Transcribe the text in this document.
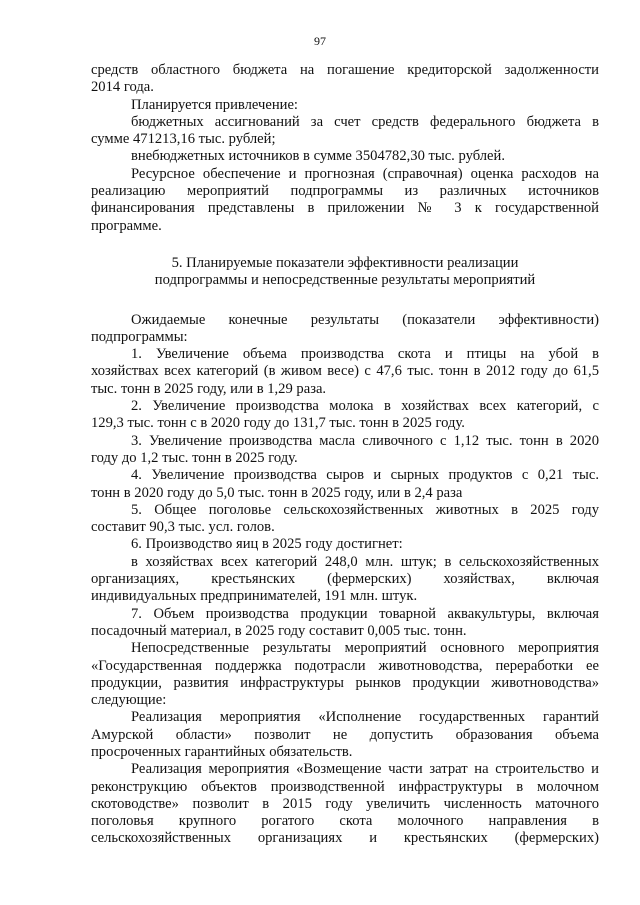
97

средств областного бюджета на погашение кредиторской задолженности

2014 года.

Планируется привлечение:

бюджетных ассигнований за счет средств федерального бюджета в

сумме 471213,16 тыс. рублей;

внебюджетных источников в сумме 3504782,30 тыс. рублей.

Ресурсное обеспечение и прогнозная (справочная) оценка расходов на

реализацию мероприятий подпрограммы из различных источников

финансирования представлены в приложении № 3 к государственной

программе.

5. Планируемые показатели эффективности реализации

подпрограммы и непосредственные результаты мероприятий

Ожидаемые конечные результаты (показатели эффективности)

подпрограммы:

1. Увеличение объема производства скота и птицы на убой в

хозяйствах всех категорий (в живом весе) с 47,6 тыс. тонн в 2012 году до 61,5

тыс. тонн в 2025 году, или в 1,29 раза.

2. Увеличение производства молока в хозяйствах всех категорий, с

129,3 тыс. тонн с в 2020 году до 131,7 тыс. тонн в 2025 году.

3. Увеличение производства масла сливочного с 1,12 тыс. тонн в 2020

году до 1,2 тыс. тонн в 2025 году.

4. Увеличение производства сыров и сырных продуктов с 0,21 тыс.

тонн в 2020 году до 5,0 тыс. тонн в 2025 году, или в 2,4 раза

5. Общее поголовье сельскохозяйственных животных в 2025 году

составит 90,3 тыс. усл. голов.

6. Производство яиц в 2025 году достигнет:

в хозяйствах всех категорий 248,0 млн. штук; в сельскохозяйственных

организациях, крестьянских (фермерских) хозяйствах, включая

индивидуальных предпринимателей, 191 млн. штук.

7. Объем производства продукции товарной аквакультуры, включая

посадочный материал, в 2025 году составит 0,005 тыс. тонн.

Непосредственные результаты мероприятий основного мероприятия

«Государственная поддержка подотрасли животноводства, переработки ее

продукции, развития инфраструктуры рынков продукции животноводства»

следующие:

Реализация мероприятия «Исполнение государственных гарантий

Амурской области» позволит не допустить образования объема

просроченных гарантийных обязательств.

Реализация мероприятия «Возмещение части затрат на строительство и

реконструкцию объектов производственной инфраструктуры в молочном

скотоводстве» позволит в 2015 году увеличить численность маточного

поголовья крупного рогатого скота молочного направления в

сельскохозяйственных организациях и крестьянских (фермерских)
